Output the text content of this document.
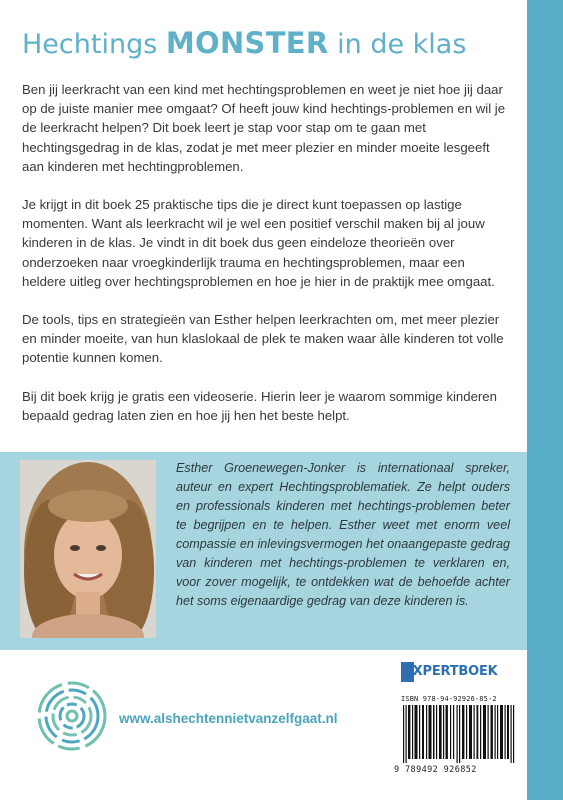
Hechtings MONSTER in de klas

Ben jij leerkracht van een kind met hechtingsproblemen en weet je niet hoe jij daar op de juiste manier mee omgaat? Of heeft jouw kind hechtings-problemen en wil je de leerkracht helpen? Dit boek leert je stap voor stap om te gaan met hechtingsgedrag in de klas, zodat je met meer plezier en minder moeite lesgeeft aan kinderen met hechtingproblemen.

Je krijgt in dit boek 25 praktische tips die je direct kunt toepassen op lastige momenten. Want als leerkracht wil je wel een positief verschil maken bij al jouw kinderen in de klas. Je vindt in dit boek dus geen eindeloze theorieën over onderzoeken naar vroegkinderlijk trauma en hechtingsproblemen, maar een heldere uitleg over hechtingsproblemen en hoe je hier in de praktijk mee omgaat.

De tools, tips en strategieën van Esther helpen leerkrachten om, met meer plezier en minder moeite, van hun klaslokaal de plek te maken waar àlle kinderen tot volle potentie kunnen komen.

Bij dit boek krijg je gratis een videoserie. Hierin leer je waarom sommige kinderen bepaald gedrag laten zien en hoe jij hen het beste helpt.

Esther Groenewegen-Jonker is internationaal spreker, auteur en expert Hechtingsproblematiek. Ze helpt ouders en professionals kinderen met hechtings-problemen beter te begrijpen en te helpen. Esther weet met enorm veel compassie en inlevingsvermogen het onaangepaste gedrag van kinderen met hechtings-problemen te verklaren en, voor zover mogelijk, te ontdekken wat de behoefde achter het soms eigenaardige gedrag van deze kinderen is.
www.alshechtennietvanzelfgaat.nl
EXPERTBOEK
ISBN 978-94-92926-85-2
9 789492 926852
